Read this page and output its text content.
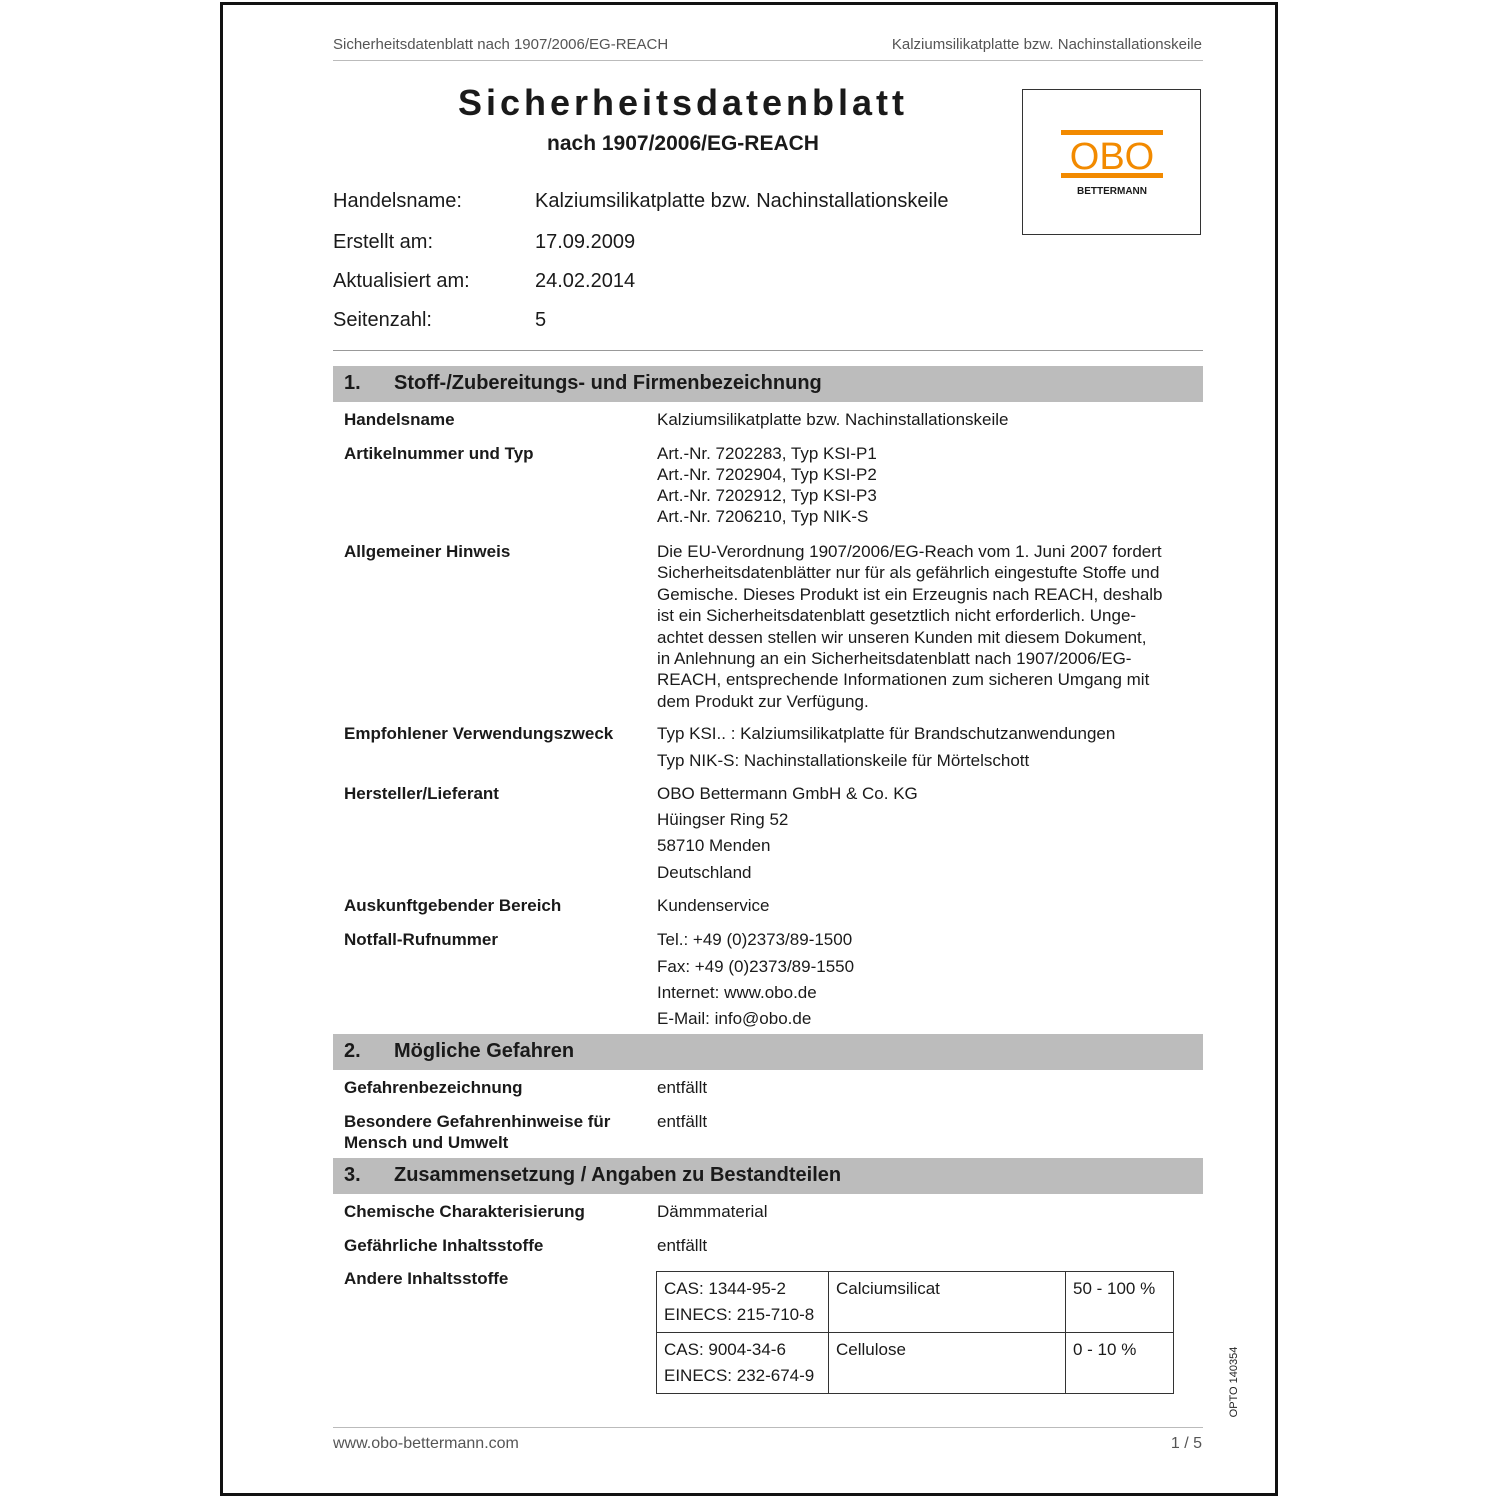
Sicherheitsdatenblatt nach 1907/2006/EG-REACH	Kalziumsilikatplatte bzw. Nachinstallationskeile
Sicherheitsdatenblatt
nach 1907/2006/EG-REACH	OBO
BETTERMANN
Handelsname:	Kalziumsilikatplatte bzw. Nachinstallationskeile
Erstellt am:	17.09.2009
Aktualisiert am:	24.02.2014
Seitenzahl:	5
1. Stoff-/Zubereitungs- und Firmenbezeichnung
Handelsname	Kalziumsilikatplatte bzw. Nachinstallationskeile
Artikelnummer und Typ	Art.-Nr. 7202283, Typ KSI-P1
Art.-Nr. 7202904, Typ KSI-P2
Art.-Nr. 7202912, Typ KSI-P3
Art.-Nr. 7206210, Typ NIK-S
Allgemeiner Hinweis	Die EU-Verordnung 1907/2006/EG-Reach vom 1. Juni 2007 fordert
Sicherheitsdatenblätter nur für als gefährlich eingestufte Stoffe und
Gemische. Dieses Produkt ist ein Erzeugnis nach REACH, deshalb
ist ein Sicherheitsdatenblatt gesetztlich nicht erforderlich. Unge-
achtet dessen stellen wir unseren Kunden mit diesem Dokument,
in Anlehnung an ein Sicherheitsdatenblatt nach 1907/2006/EG-
REACH, entsprechende Informationen zum sicheren Umgang mit
dem Produkt zur Verfügung.
Empfohlener Verwendungszweck	Typ KSI.. : Kalziumsilikatplatte für Brandschutzanwendungen
Typ NIK-S: Nachinstallationskeile für Mörtelschott
Hersteller/Lieferant	OBO Bettermann GmbH & Co. KG
Hüingser Ring 52
58710 Menden
Deutschland
Auskunftgebender Bereich	Kundenservice
Notfall-Rufnummer	Tel.: +49 (0)2373/89-1500
Fax: +49 (0)2373/89-1550
Internet: www.obo.de
E-Mail: info@obo.de
2. Mögliche Gefahren
Gefahrenbezeichnung	entfällt
Besondere Gefahrenhinweise für
Mensch und Umwelt
entfällt
3. Zusammensetzung / Angaben zu Bestandteilen
Chemische Charakterisierung	Dämmmaterial
Gefährliche Inhaltsstoffe	entfällt
Andere Inhaltsstoffe
CAS: 1344-95-2
EINECS: 215-710-8	Calciumsilicat	50 - 100 %

CAS: 9004-34-6
EINECS: 232-674-9	Cellulose	0 - 10 %	OPTO 140354
www.obo-bettermann.com	1 / 5
